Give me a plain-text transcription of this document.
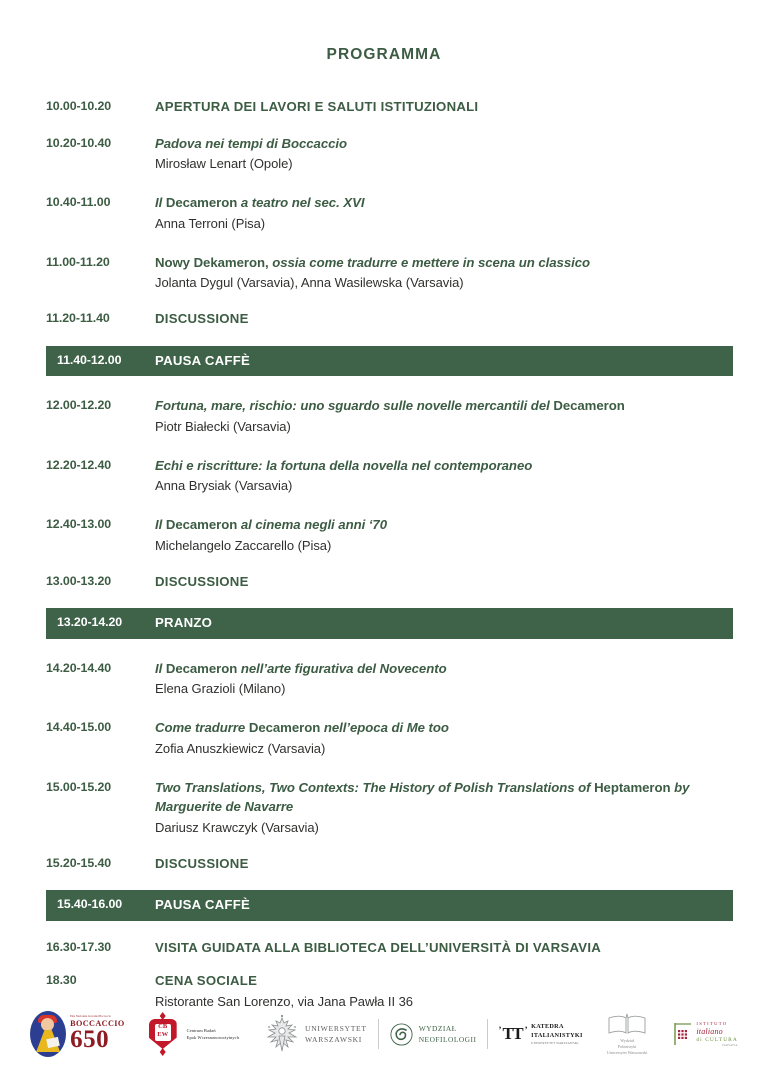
PROGRAMMA
10.00-10.20	APERTURA DEI LAVORI E SALUTI ISTITUZIONALI
10.20-10.40	Padova nei tempi di Boccaccio
Mirosław Lenart (Opole)
10.40-11.00	Il Decameron a teatro nel sec. XVI
Anna Terroni (Pisa)
11.00-11.20	Nowy Dekameron, ossia come tradurre e mettere in scena un classico
Jolanta Dygul (Varsavia), Anna Wasilewska (Varsavia)
11.20-11.40	DISCUSSIONE
11.40-12.00	PAUSA CAFFÈ
12.00-12.20	Fortuna, mare, rischio: uno sguardo sulle novelle mercantili del Decameron
Piotr Białecki (Varsavia)
12.20-12.40	Echi e riscritture: la fortuna della novella nel contemporaneo
Anna Brysiak (Varsavia)
12.40-13.00	Il Decameron al cinema negli anni ‘70
Michelangelo Zaccarello (Pisa)
13.00-13.20	DISCUSSIONE
13.20-14.20	PRANZO
14.20-14.40	Il Decameron nell’arte figurativa del Novecento
Elena Grazioli (Milano)
14.40-15.00	Come tradurre Decameron nell’epoca di Me too
Zofia Anuszkiewicz (Varsavia)
15.00-15.20	Two Translations, Two Contexts: The History of Polish Translations of Heptameron by Marguerite de Navarre
Dariusz Krawczyk (Varsavia)
15.20-15.40	DISCUSSIONE
15.40-16.00	PAUSA CAFFÈ
16.30-17.30	VISITA GUIDATA ALLA BIBLIOTECA DELL’UNIVERSITÀ DI VARSAVIA
18.30	CENA SOCIALE
Ristorante San Lorenzo, via Jana Pawła II 36
Ente Nazionale Giovanni Boccaccio
BOCCACCIO
650	CB
EW
Centrum Badań
Epok Wczesnonowożytnych
UNIWERSYTET
WARSZAWSKI
WYDZIAŁ
NEOFILOLOGII ’ TT ’	KATEDRA
ITALIANISTYKI
UNIWERSYTET WARSZAWSKI	Wydział
Polonistyki
Uniwersytet Warszawski
ISTITUTO
italiano
di CULTURA
VARSAVIA
